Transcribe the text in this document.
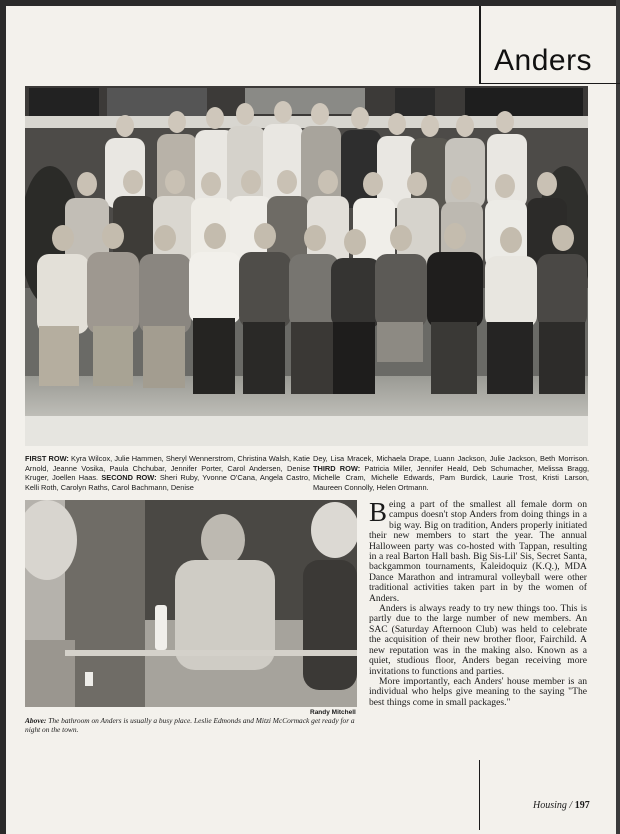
Anders
FIRST ROW: Kyra Wilcox, Julie Hammen, Sheryl Wennerstrom, Christina Walsh, Katie Arnold, Jeanne Vosika, Paula Chchubar, Jennifer Porter, Carol Andersen, Denise Kruger, Joellen Haas. SECOND ROW: Sheri Ruby, Yvonne O'Cana, Angela Castro, Kelli Roth, Carolyn Raths, Carol Bachmann, Denise
Dey, Lisa Mracek, Michaela Drape, Luann Jackson, Julie Jackson, Beth Morrison. THIRD ROW: Patricia Miller, Jennifer Heald, Deb Schumacher, Melissa Bragg, Michelle Cram, Michelle Edwards, Pam Burdick, Laurie Trost, Kristi Larson, Maureen Connolly, Helen Ortmann.
Randy Mitchell
Above: The bathroom on Anders is usually a busy place. Leslie Edmonds and Mitzi McCormack get ready for a night on the town.

Being a part of the smallest all female dorm on campus doesn't stop Anders from doing things in a big way. Big on tradition, Anders properly initiated their new members to start the year. The annual Halloween party was co-hosted with Tappan, resulting in a real Barton Hall bash. Big Sis-Lil' Sis, Secret Santa, backgammon tournaments, Kaleidoquiz (K.Q.), MDA Dance Marathon and intramural volleyball were other traditional activities taken part in by the women of Anders.

Anders is always ready to try new things too. This is partly due to the large number of new members. An SAC (Saturday Afternoon Club) was held to celebrate the acquisition of their new brother floor, Fairchild. A new reputation was in the making also. Known as a quiet, studious floor, Anders began receiving more invitations to functions and parties.

More importantly, each Anders' house member is an individual who helps give meaning to the saying "The best things come in small packages."

Housing / 197
